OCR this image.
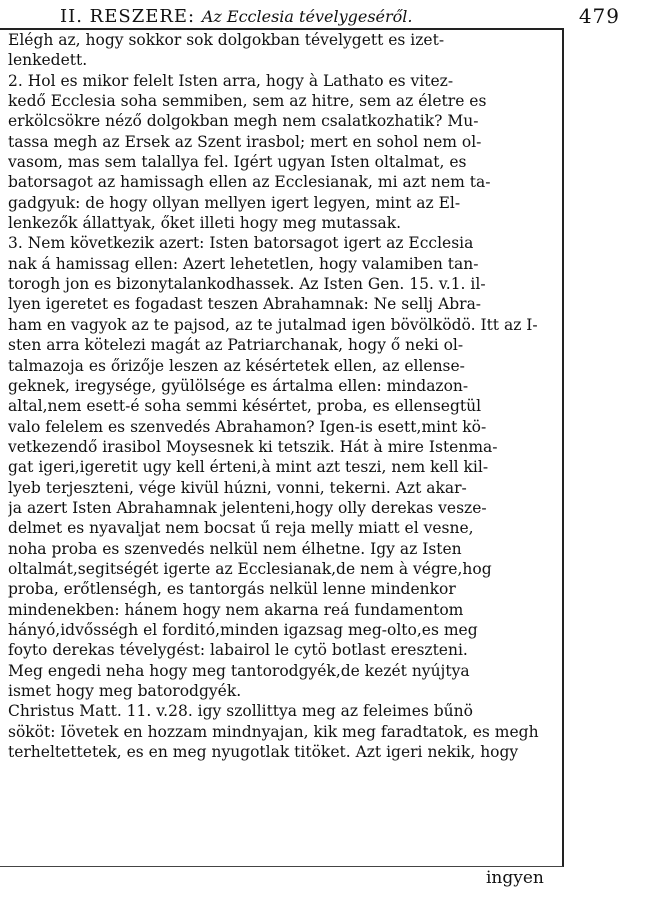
II. RESZERE: Az Ecclesia tévelygeséről.	479
Elégh az, hogy sokkor sok dolgokban tévelygett es izet-
lenkedett.
2. Hol es mikor felelt Isten arra, hogy à Lathato es vitez-
kedő Ecclesia soha semmiben, sem az hitre, sem az életre es
erkölcsökre néző dolgokban megh nem csalatkozhatik? Mu-
tassa megh az Ersek az Szent irasbol; mert en sohol nem ol-
vasom, mas sem talallya fel. Igért ugyan Isten oltalmat, es
batorsagot az hamissagh ellen az Ecclesianak, mi azt nem ta-
gadgyuk: de hogy ollyan mellyen igert legyen, mint az El-
lenkezők állattyak, őket illeti hogy meg mutassak.
3. Nem következik azert: Isten batorsagot igert az Ecclesia
nak á hamissag ellen: Azert lehetetlen, hogy valamiben tan-
torogh jon es bizonytalankodhassek. Az Isten Gen. 15. v.1. il-
lyen igeretet es fogadast teszen Abrahamnak: Ne sellj Abra-
ham en vagyok az te pajsod, az te jutalmad igen bövölködö. Itt az I-
sten arra kötelezi magát az Patriarchanak, hogy ő neki ol-
talmazoja es őrizője leszen az késértetek ellen, az ellense-
geknek, iregysége, gyülölsége es ártalma ellen: mindazon-
altal,nem esett-é soha semmi késértet, proba, es ellensegtül
valo felelem es szenvedés Abrahamon? Igen-is esett,mint kö-
vetkezendő irasibol Moysesnek ki tetszik. Hát à mire Istenma-
gat igeri,igeretit ugy kell érteni,à mint azt teszi, nem kell kil-
lyeb terjeszteni, vége kivül húzni, vonni, tekerni. Azt akar-
ja azert Isten Abrahamnak jelenteni,hogy olly derekas vesze-
delmet es nyavaljat nem bocsat ű reja melly miatt el vesne,
noha proba es szenvedés nelkül nem élhetne. Igy az Isten
oltalmát,segitségét igerte az Ecclesianak,de nem à végre,hog
proba, erőtlenségh, es tantorgás nelkül lenne mindenkor
mindenekben: hánem hogy nem akarna reá fundamentom
hányó,idvősségh el forditó,minden igazsag meg-olto,es meg
foyto derekas tévelygést: labairol le cytö botlast ereszteni.
Meg engedi neha hogy meg tantorodgyék,de kezét nyújtya
ismet hogy meg batorodgyék.
Christus Matt. 11. v.28. igy szollittya meg az feleimes bűnö
sököt: Iövetek en hozzam mindnyajan, kik meg faradtatok, es megh
terheltettetek, es en meg nyugotlak titöket. Azt igeri nekik, hogy
ingyen
